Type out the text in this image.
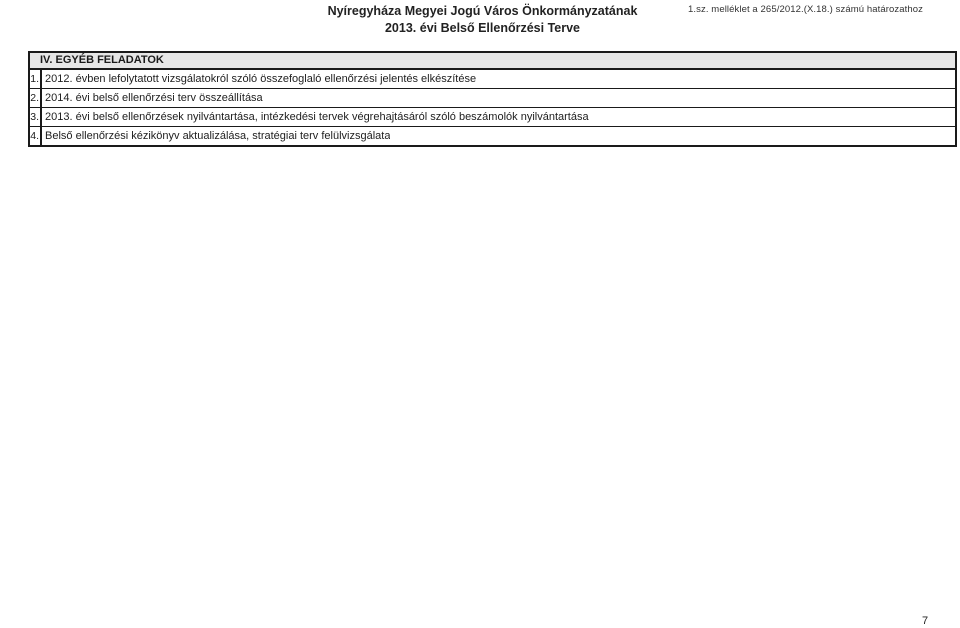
Nyíregyháza Megyei Jogú Város Önkormányzatának
2013. évi Belső Ellenőrzési Terve
1.sz. melléklet a 265/2012.(X.18.) számú határozathoz
IV. EGYÉB FELADATOK
1. 2012. évben lefolytatott vizsgálatokról szóló összefoglaló ellenőrzési jelentés elkészítése
2. 2014. évi belső ellenőrzési terv összeállítása
3. 2013. évi belső ellenőrzések nyilvántartása, intézkedési tervek végrehajtásáról szóló beszámolók nyilvántartása
4. Belső ellenőrzési kézikönyv aktualizálása, stratégiai terv felülvizsgálata
7
